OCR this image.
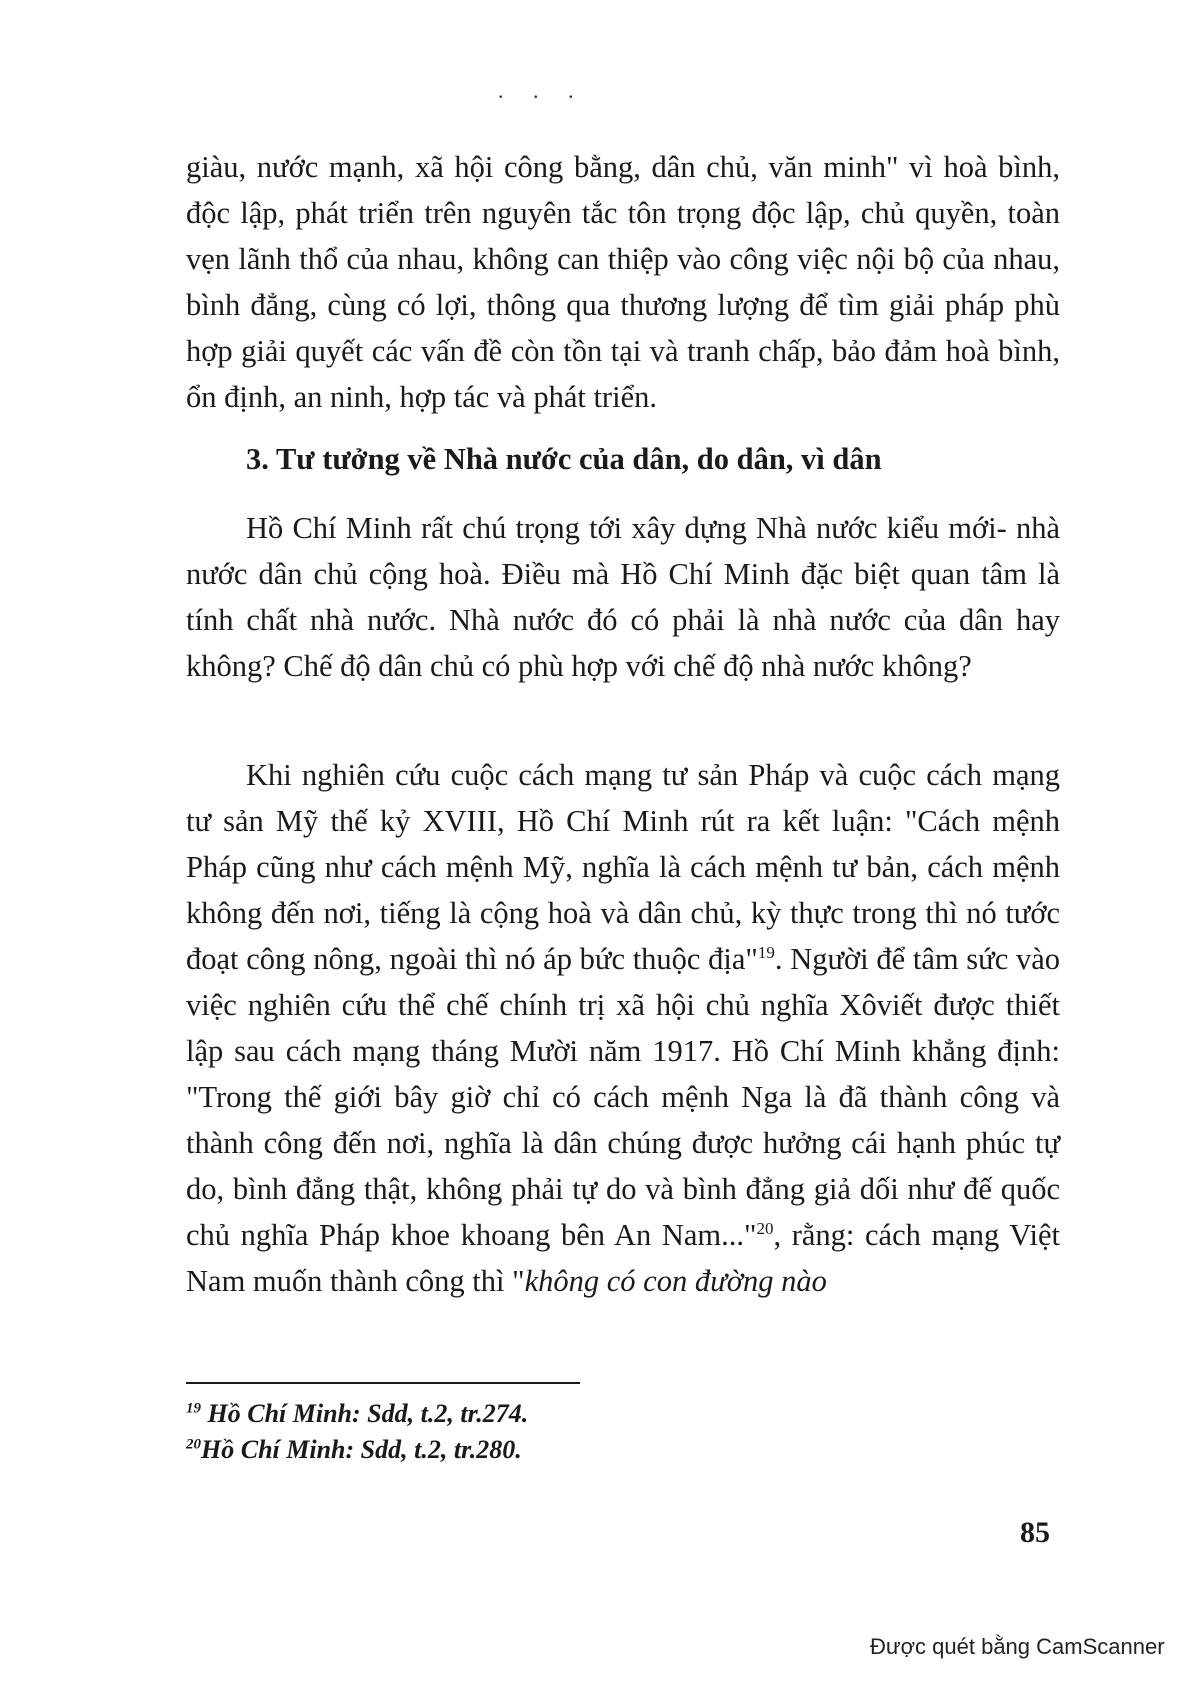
. . .

giàu, nước mạnh, xã hội công bằng, dân chủ, văn minh" vì hoà bình, độc lập, phát triển trên nguyên tắc tôn trọng độc lập, chủ quyền, toàn vẹn lãnh thổ của nhau, không can thiệp vào công việc nội bộ của nhau, bình đẳng, cùng có lợi, thông qua thương lượng để tìm giải pháp phù hợp giải quyết các vấn đề còn tồn tại và tranh chấp, bảo đảm hoà bình, ổn định, an ninh, hợp tác và phát triển.

3. Tư tưởng về Nhà nước của dân, do dân, vì dân

Hồ Chí Minh rất chú trọng tới xây dựng Nhà nước kiểu mới- nhà nước dân chủ cộng hoà. Điều mà Hồ Chí Minh đặc biệt quan tâm là tính chất nhà nước. Nhà nước đó có phải là nhà nước của dân hay không? Chế độ dân chủ có phù hợp với chế độ nhà nước không?

Khi nghiên cứu cuộc cách mạng tư sản Pháp và cuộc cách mạng tư sản Mỹ thế kỷ XVIII, Hồ Chí Minh rút ra kết luận: "Cách mệnh Pháp cũng như cách mệnh Mỹ, nghĩa là cách mệnh tư bản, cách mệnh không đến nơi, tiếng là cộng hoà và dân chủ, kỳ thực trong thì nó tước đoạt công nông, ngoài thì nó áp bức thuộc địa"$^{19}$. Người để tâm sức vào việc nghiên cứu thể chế chính trị xã hội chủ nghĩa Xôviết được thiết lập sau cách mạng tháng Mười năm 1917. Hồ Chí Minh khẳng định: "Trong thế giới bây giờ chỉ có cách mệnh Nga là đã thành công và thành công đến nơi, nghĩa là dân chúng được hưởng cái hạnh phúc tự do, bình đẳng thật, không phải tự do và bình đẳng giả dối như đế quốc chủ nghĩa Pháp khoe khoang bên An Nam..."$^{20}$, rằng: cách mạng Việt Nam muốn thành công thì "không có con đường nào

$^{19}$ Hồ Chí Minh: Sdd, t.2, tr.274.
$^{20}$Hồ Chí Minh: Sdd, t.2, tr.280.
85
Được quét bằng CamScanner
